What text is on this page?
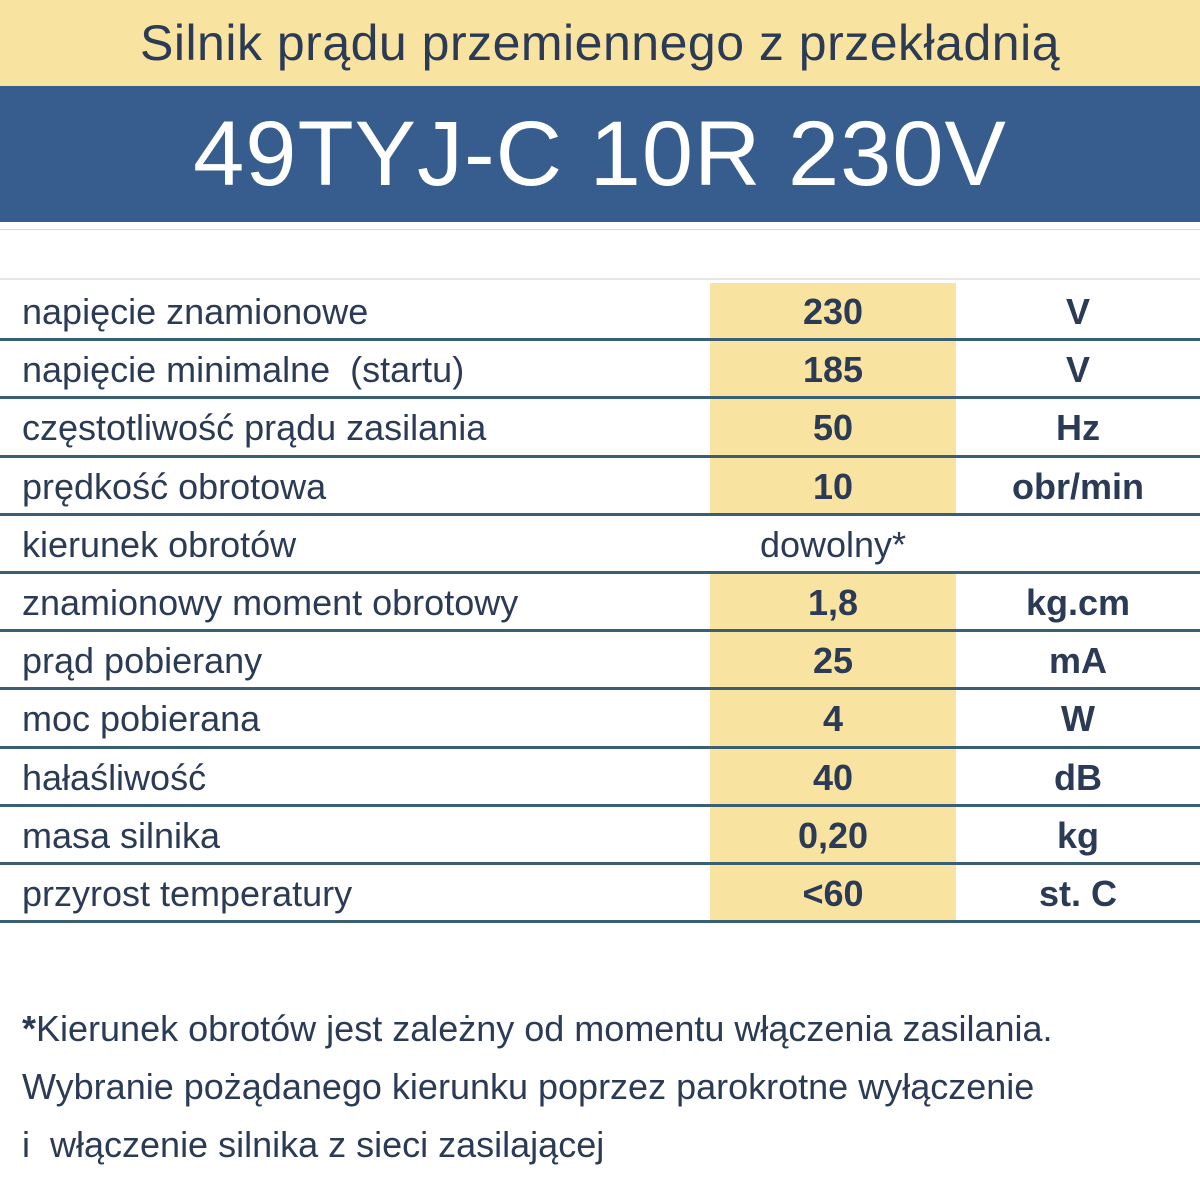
Silnik prądu przemiennego z przekładnią
49TYJ-C 10R 230V
napięcie znamionowe	230	V
napięcie minimalne  (startu)	185	V
częstotliwość prądu zasilania	50	Hz
prędkość obrotowa	10	obr/min
kierunek obrotów	dowolny*
znamionowy moment obrotowy	1,8	kg.cm
prąd pobierany	25	mA
moc pobierana	4	W
hałaśliwość	40	dB
masa silnika	0,20	kg
przyrost temperatury	<60	st. C
*Kierunek obrotów jest zależny od momentu włączenia zasilania.
Wybranie pożądanego kierunku poprzez parokrotne wyłączenie
i  włączenie silnika z sieci zasilającej
